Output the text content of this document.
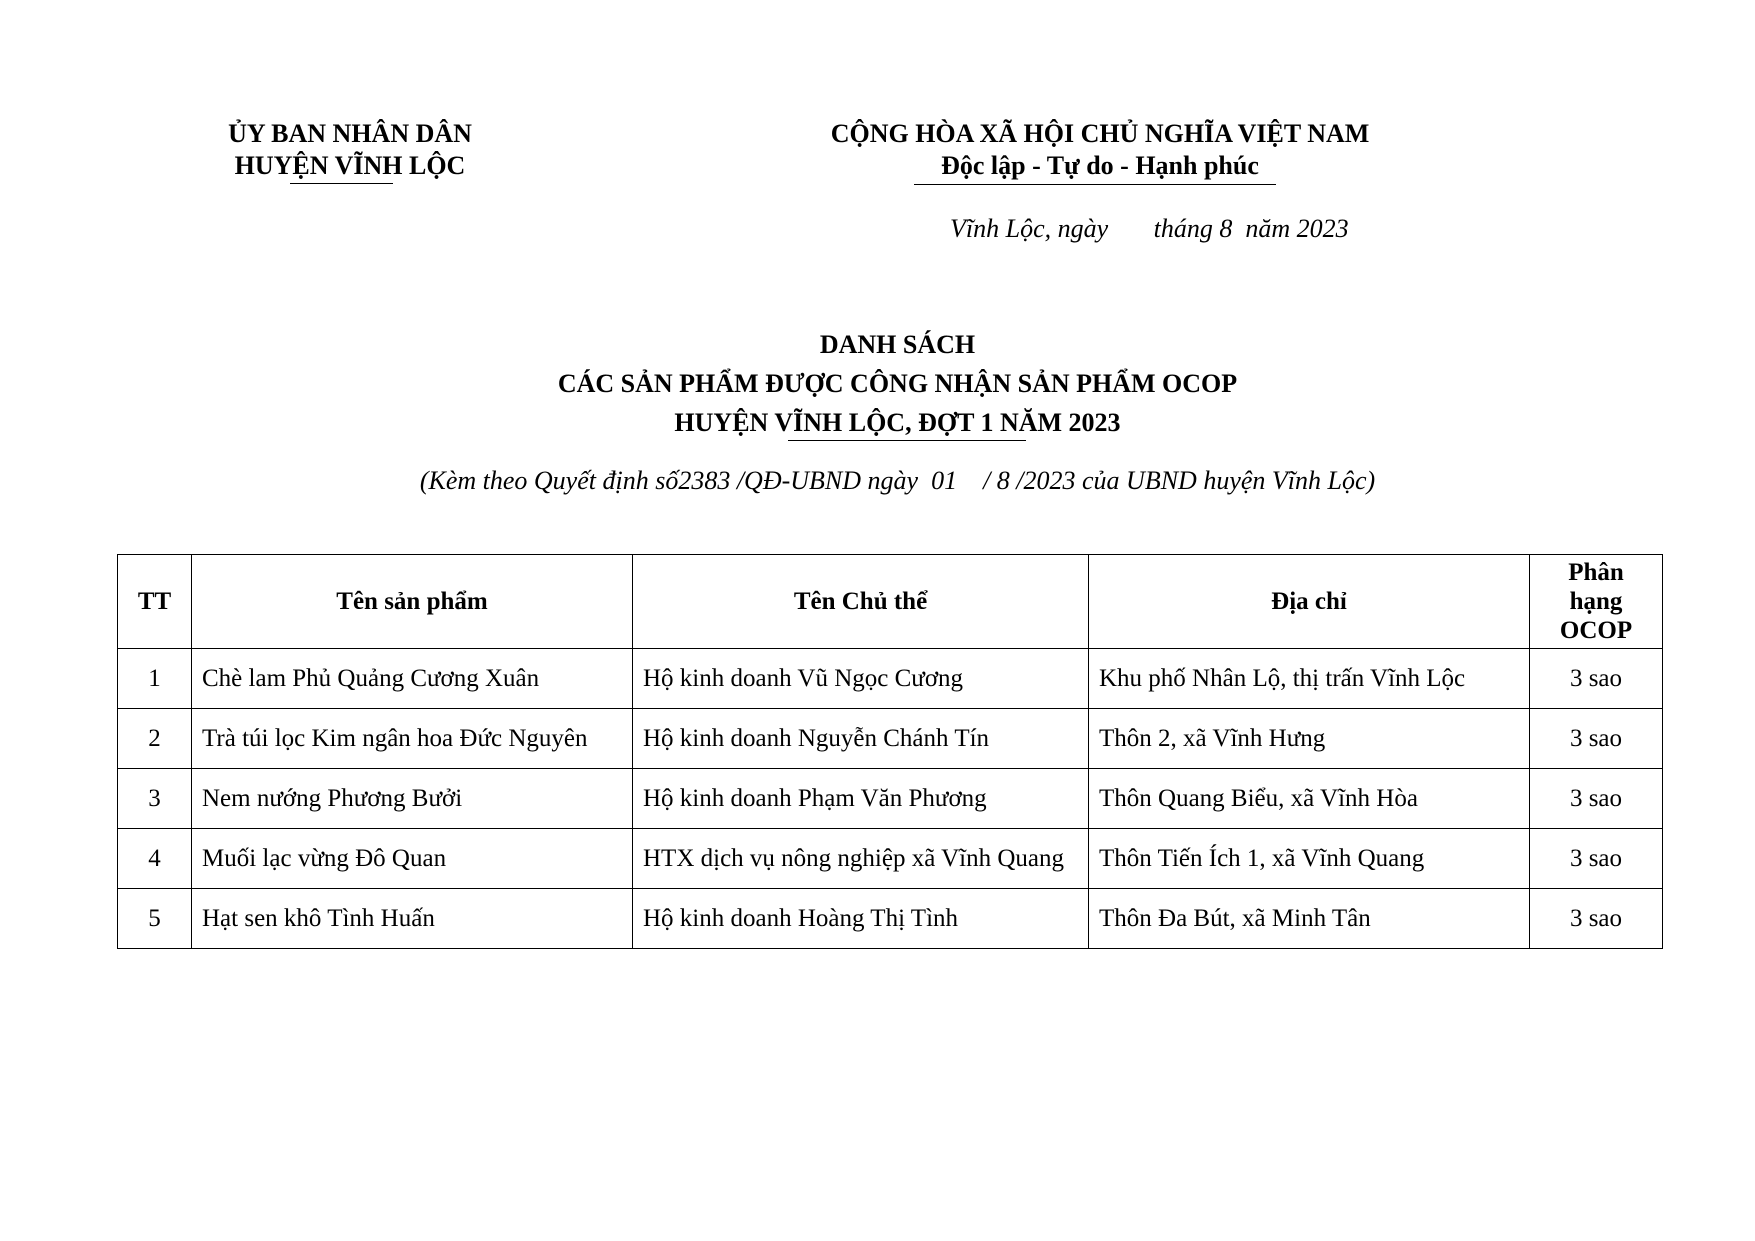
ỦY BAN NHÂN DÂN
HUYỆN VĨNH LỘC
CỘNG HÒA XÃ HỘI CHỦ NGHĨA VIỆT NAM
Độc lập - Tự do - Hạnh phúc
Vĩnh Lộc, ngày       tháng 8  năm 2023
DANH SÁCH
CÁC SẢN PHẨM ĐƯỢC CÔNG NHẬN SẢN PHẨM OCOP
HUYỆN VĨNH LỘC, ĐỢT 1 NĂM 2023
(Kèm theo Quyết định số2383 /QĐ-UBND ngày  01    / 8 /2023 của UBND huyện Vĩnh Lộc)
TT	Tên sản phẩm	Tên Chủ thể	Địa chỉ	Phân
hạng
OCOP

1	Chè lam Phủ Quảng Cương Xuân	Hộ kinh doanh Vũ Ngọc Cương	Khu phố Nhân Lộ, thị trấn Vĩnh Lộc	3 sao
2	Trà túi lọc Kim ngân hoa Đức Nguyên	Hộ kinh doanh Nguyễn Chánh Tín	Thôn 2, xã Vĩnh Hưng	3 sao
3	Nem nướng Phương Bưởi	Hộ kinh doanh Phạm Văn Phương	Thôn Quang Biểu, xã Vĩnh Hòa	3 sao
4	Muối lạc vừng Đô Quan	HTX dịch vụ nông nghiệp xã Vĩnh Quang	Thôn Tiến Ích 1, xã Vĩnh Quang	3 sao
5	Hạt sen khô Tình Huấn	Hộ kinh doanh Hoàng Thị Tình	Thôn Đa Bút, xã Minh Tân	3 sao
